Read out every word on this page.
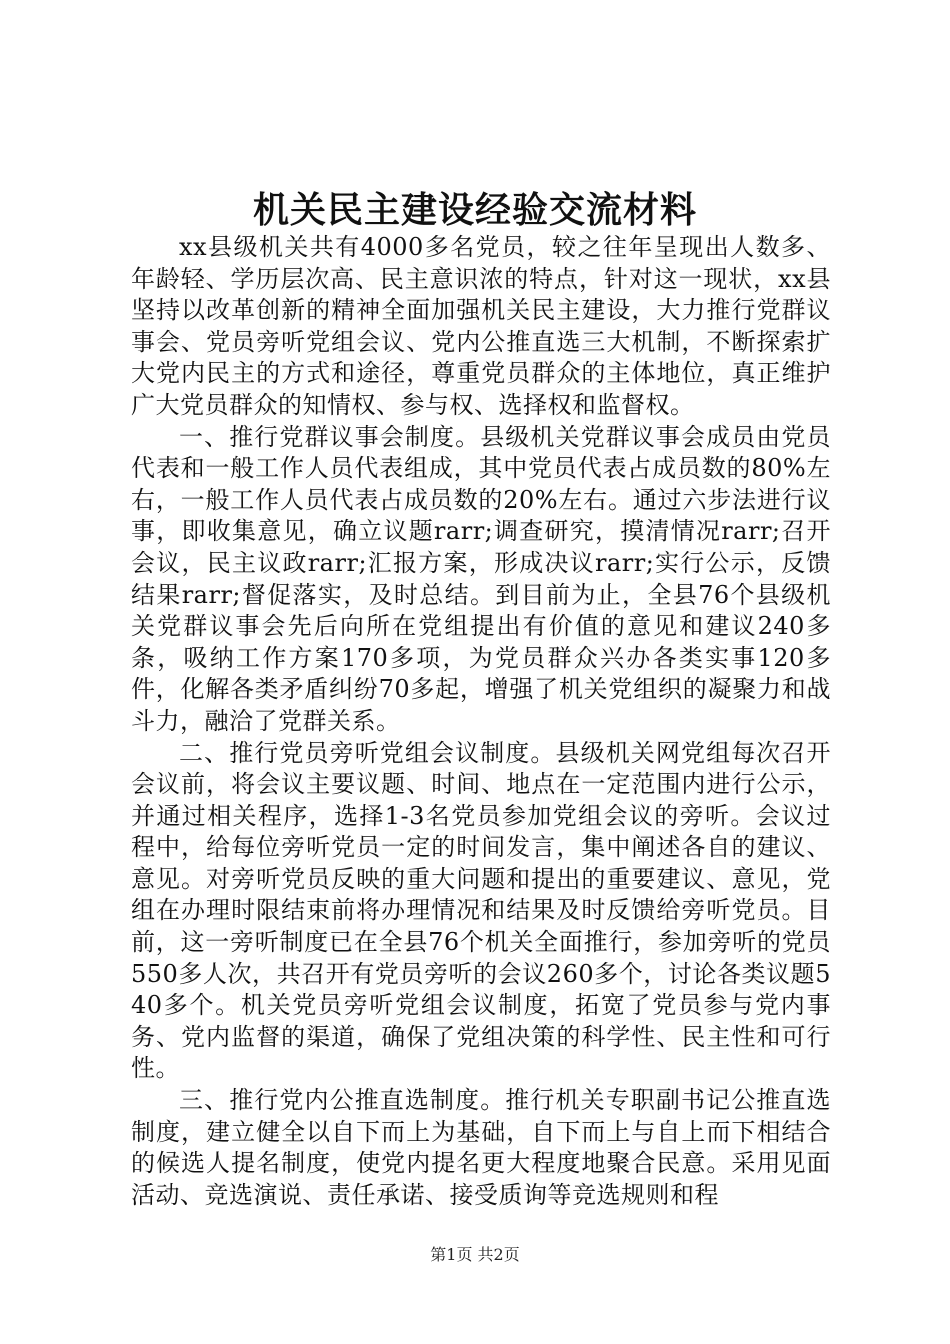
机关民主建设经验交流材料

xx县级机关共有4000多名党员，较之往年呈现出人数多、年龄轻、学历层次高、民主意识浓的特点，针对这一现状，xx县坚持以改革创新的精神全面加强机关民主建设，大力推行党群议事会、党员旁听党组会议、党内公推直选三大机制，不断探索扩大党内民主的方式和途径，尊重党员群众的主体地位，真正维护广大党员群众的知情权、参与权、选择权和监督权。

一、推行党群议事会制度。县级机关党群议事会成员由党员代表和一般工作人员代表组成，其中党员代表占成员数的80%左右，一般工作人员代表占成员数的20%左右。通过六步法进行议事，即收集意见，确立议题rarr;调查研究，摸清情况rarr;召开会议，民主议政rarr;汇报方案，形成决议rarr;实行公示，反馈结果rarr;督促落实，及时总结。到目前为止，全县76个县级机关党群议事会先后向所在党组提出有价值的意见和建议240多条，吸纳工作方案170多项，为党员群众兴办各类实事120多件，化解各类矛盾纠纷70多起，增强了机关党组织的凝聚力和战斗力，融洽了党群关系。

二、推行党员旁听党组会议制度。县级机关网党组每次召开会议前，将会议主要议题、时间、地点在一定范围内进行公示，并通过相关程序，选择1-3名党员参加党组会议的旁听。会议过程中，给每位旁听党员一定的时间发言，集中阐述各自的建议、意见。对旁听党员反映的重大问题和提出的重要建议、意见，党组在办理时限结束前将办理情况和结果及时反馈给旁听党员。目前，这一旁听制度已在全县76个机关全面推行，参加旁听的党员550多人次，共召开有党员旁听的会议260多个，讨论各类议题540多个。机关党员旁听党组会议制度，拓宽了党员参与党内事务、党内监督的渠道，确保了党组决策的科学性、民主性和可行性。

三、推行党内公推直选制度。推行机关专职副书记公推直选制度，建立健全以自下而上为基础，自下而上与自上而下相结合的候选人提名制度，使党内提名更大程度地聚合民意。采用见面活动、竞选演说、责任承诺、接受质询等竞选规则和程

第1页 共2页
